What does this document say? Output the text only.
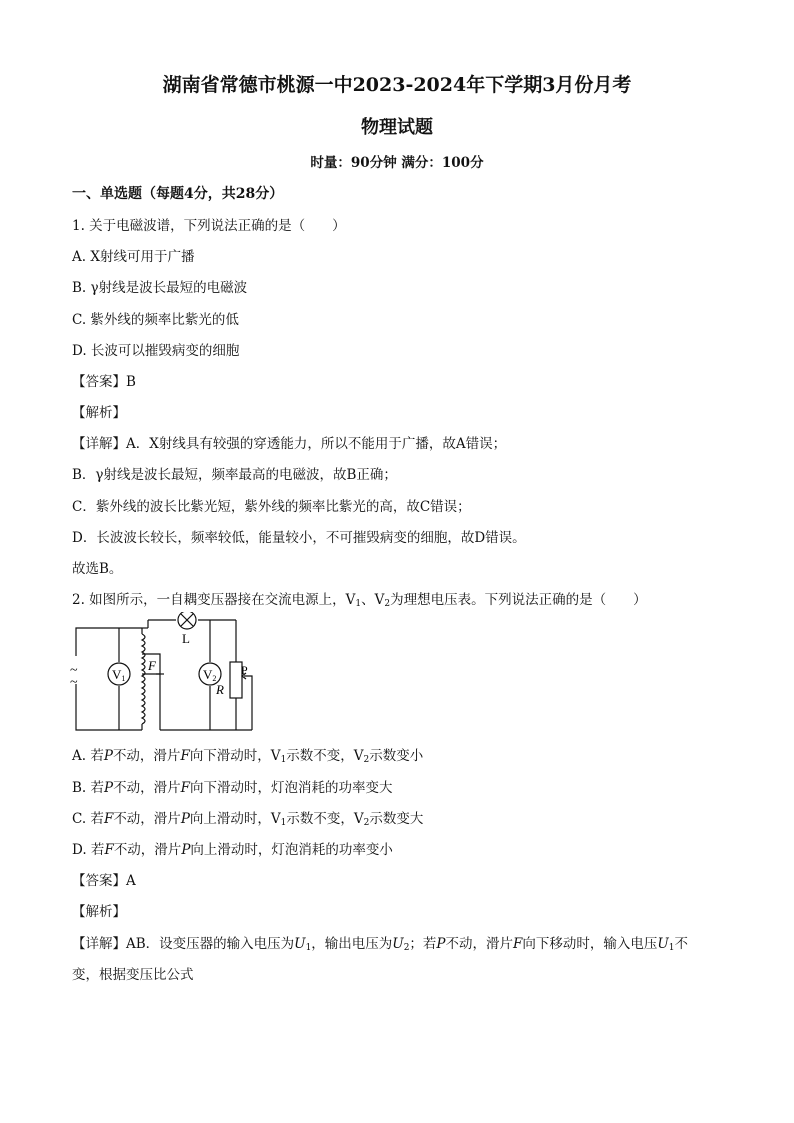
湖南省常德市桃源一中2023-2024年下学期3月份月考
物理试题
时量：90分钟 满分：100分
一、单选题（每题4分，共28分）
1. 关于电磁波谱，下列说法正确的是（　　）
A. X射线可用于广播
B. γ射线是波长最短的电磁波
C. 紫外线的频率比紫光的低
D. 长波可以摧毁病变的细胞
【答案】B
【解析】
【详解】A．X射线具有较强的穿透能力，所以不能用于广播，故A错误；
B．γ射线是波长最短，频率最高的电磁波，故B正确；
C．紫外线的波长比紫光短，紫外线的频率比紫光的高，故C错误；
D．长波波长较长，频率较低，能量较小，不可摧毁病变的细胞，故D错误。
故选B。
2. 如图所示，一自耦变压器接在交流电源上，$V_1$、$V_2$为理想电压表。下列说法正确的是（　　）
~
~
V1
L
F
V2
P
R
A. 若P不动，滑片F向下滑动时，$V_1$示数不变，$V_2$示数变小
B. 若P不动，滑片F向下滑动时，灯泡消耗的功率变大
C. 若F不动，滑片P向上滑动时，$V_1$示数不变，$V_2$示数变大
D. 若F不动，滑片P向上滑动时，灯泡消耗的功率变小
【答案】A
【解析】
【详解】AB．设变压器的输入电压为$U_1$，输出电压为$U_2$；若P不动，滑片F向下移动时，输入电压$U_1$不
变，根据变压比公式
